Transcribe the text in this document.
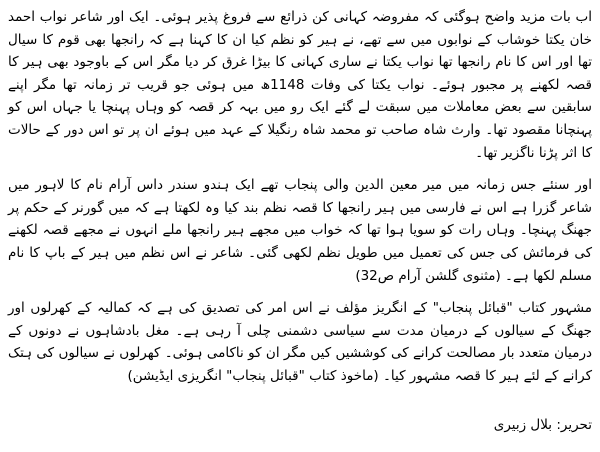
اب بات مزید واضح ہوگئی کہ مفروضہ کہانی کن ذرائع سے فروغ پذیر ہوئی۔ ایک اور شاعر نواب احمد خان یکتا خوشاب کے نوابوں میں سے تھے، نے ہیر کو نظم کیا ان کا کہنا ہے کہ رانجھا بھی قوم کا سیال تھا اور اس کا نام رانجھا تھا نواب یکتا نے ساری کہانی کا بیڑا غرق کر دیا مگر اس کے باوجود بھی ہیر کا قصہ لکھنے پر مجبور ہوئے۔ نواب یکتا کی وفات 1148ھ میں ہوئی جو قریب تر زمانہ تھا مگر اپنے سابقین سے بعض معاملات میں سبقت لے گئے ایک رو میں بہہ کر قصہ کو وہاں پہنچا یا جہاں اس کو پہنچانا مقصود تھا۔ وارث شاہ صاحب تو محمد شاہ رنگیلا کے عہد میں ہوئے ان پر تو اس دور کے حالات کا اثر پڑنا ناگزیر تھا۔

اور سنئے جس زمانہ میں میر معین الدین والی پنجاب تھے ایک ہندو سندر داس آرام نام کا لاہور میں شاعر گزرا ہے اس نے فارسی میں ہیر رانجھا کا قصہ نظم بند کیا وہ لکھتا ہے کہ میں گورنر کے حکم پر جھنگ پہنچا۔ وہاں رات کو سویا ہوا تھا کہ خواب میں مجھے ہیر رانجھا ملے انہوں نے مجھے قصہ لکھنے کی فرمائش کی جس کی تعمیل میں طویل نظم لکھی گئی۔ شاعر نے اس نظم میں ہیر کے باپ کا نام مسلم لکھا ہے۔ (مثنوی گلشن آرام ص32)

مشہور کتاب "قبائل پنجاب" کے انگریز مؤلف نے اس امر کی تصدیق کی ہے کہ کمالیہ کے کھرلوں اور جھنگ کے سیالوں کے درمیان مدت سے سیاسی دشمنی چلی آ رہی ہے۔ مغل بادشاہوں نے دونوں کے درمیان متعدد بار مصالحت کرانے کی کوششیں کیں مگر ان کو ناکامی ہوئی۔ کھرلوں نے سیالوں کی ہتک کرانے کے لئے ہیر کا قصہ مشہور کیا۔ (ماخوذ کتاب "قبائل پنجاب" انگریزی ایڈیشن)

تحریر: بلال زبیری
